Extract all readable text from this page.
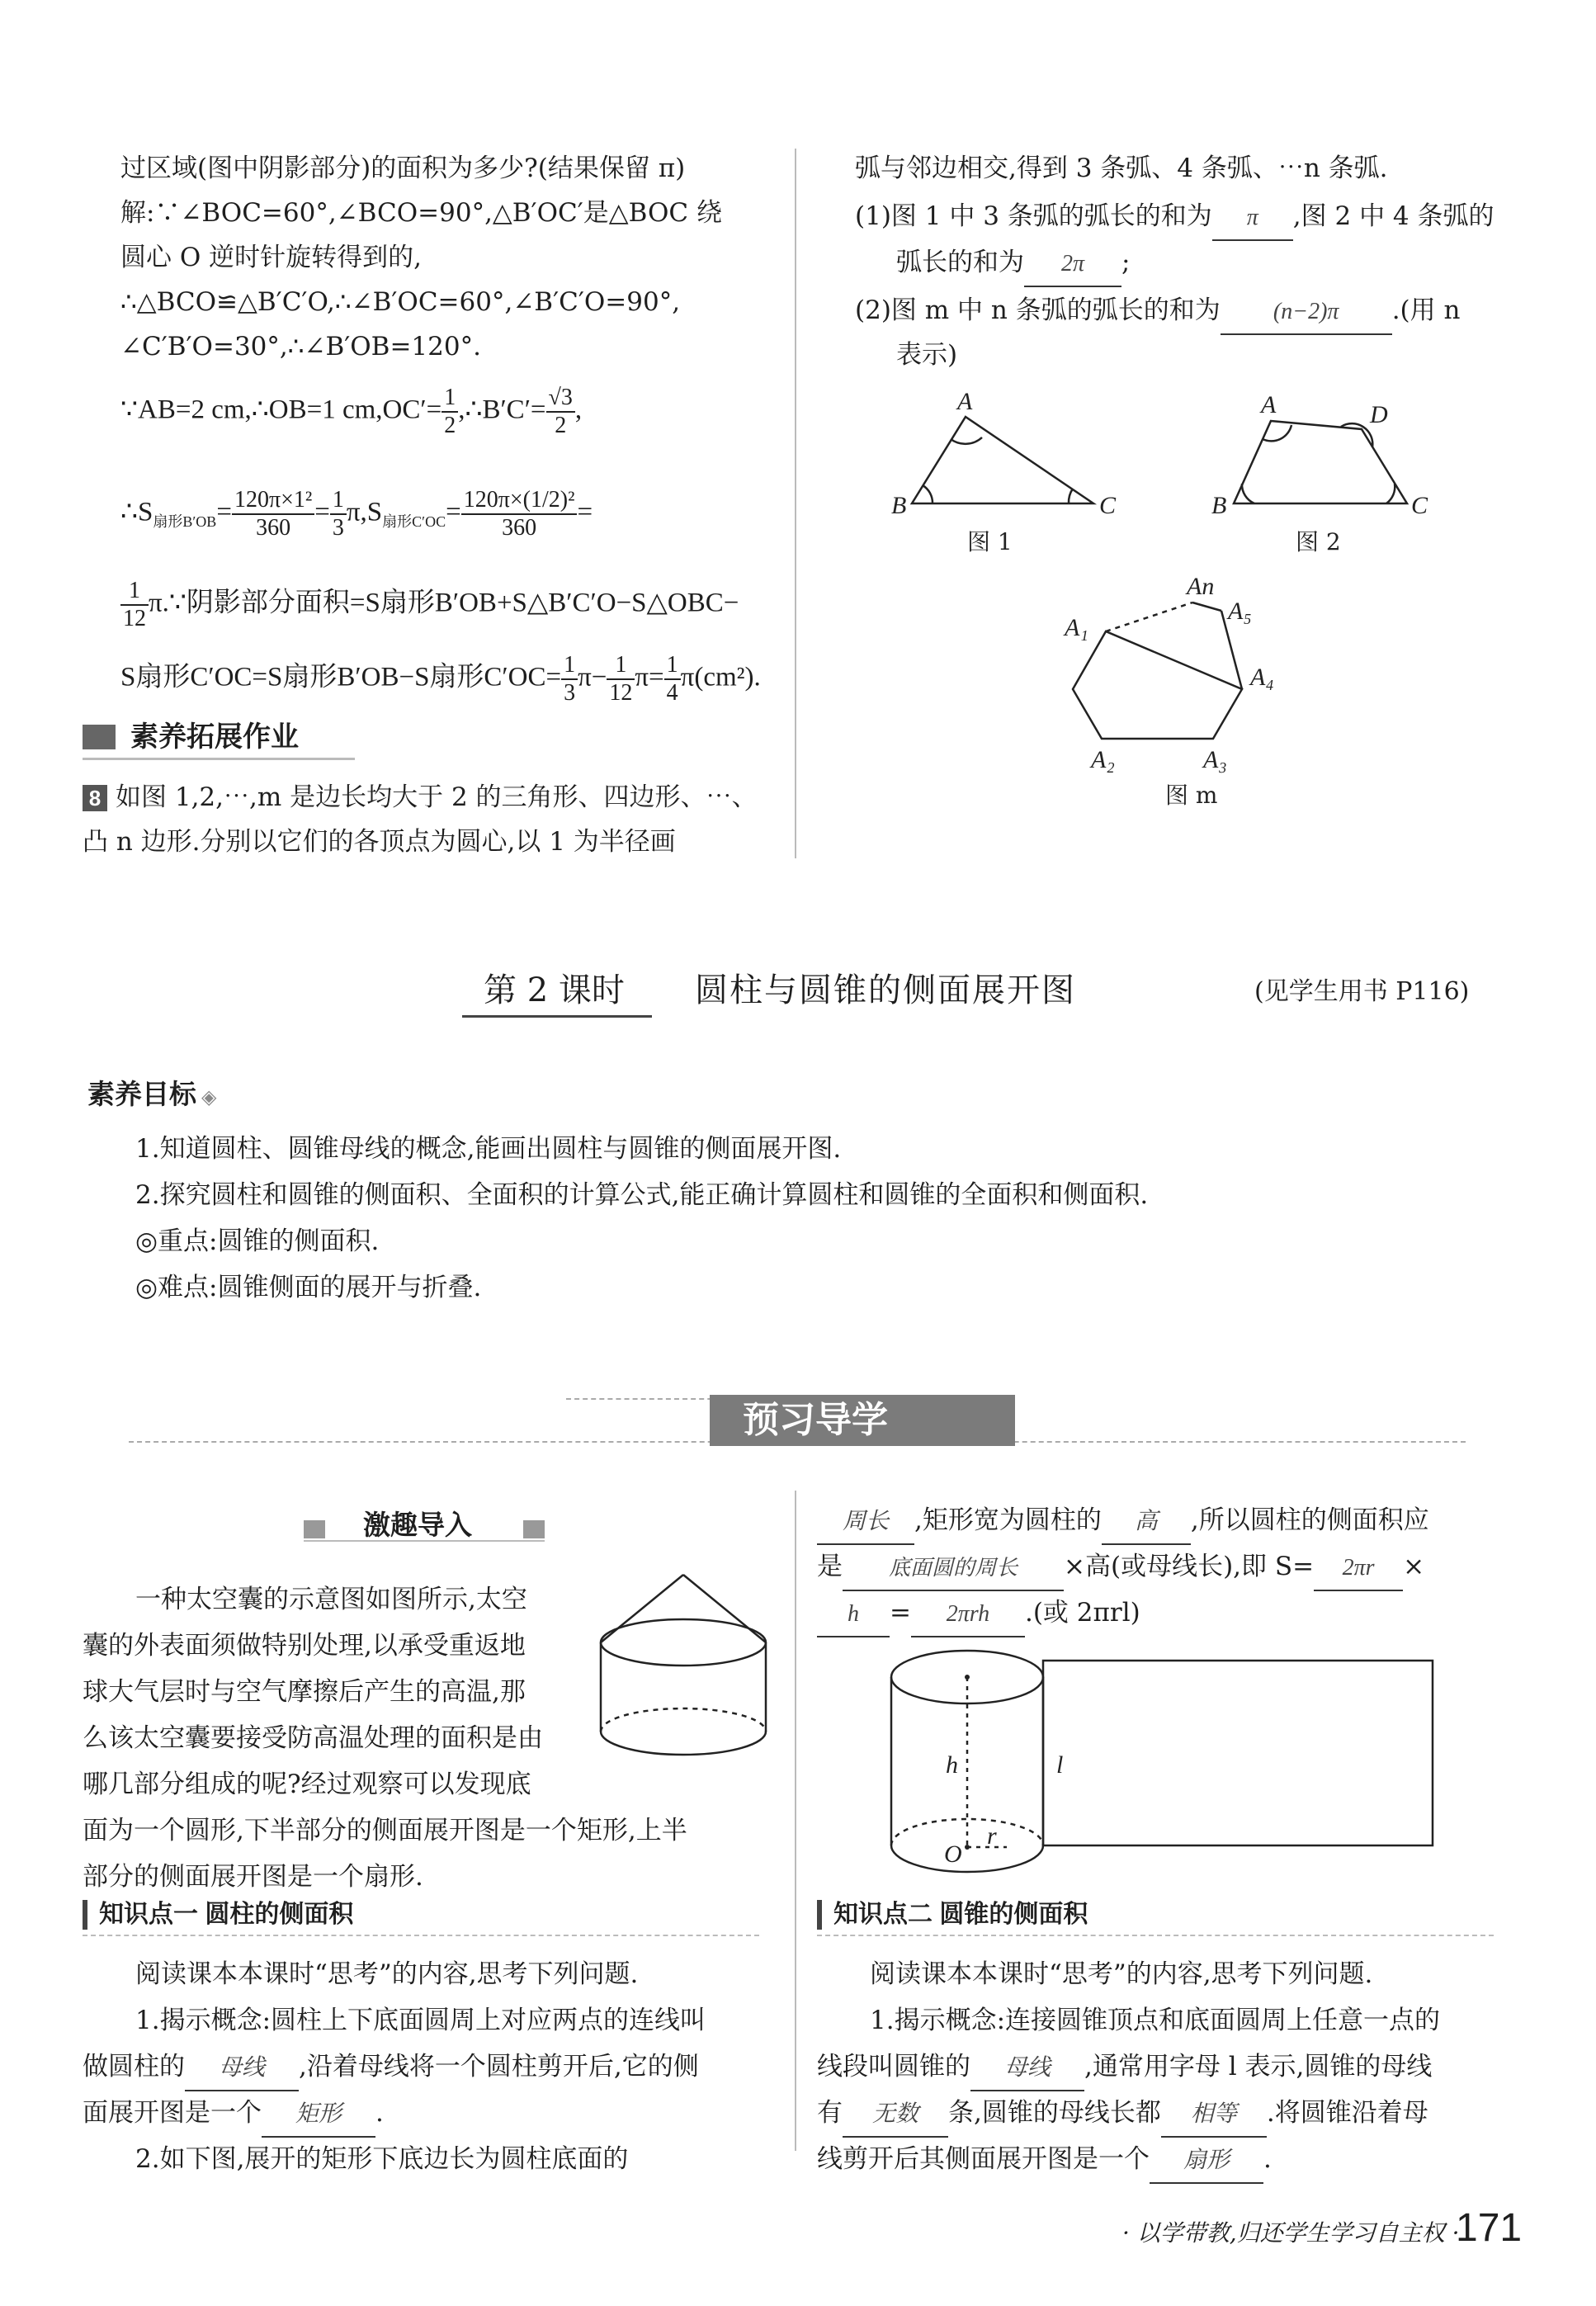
过区域(图中阴影部分)的面积为多少?(结果保留 π)
解:∵∠BOC=60°,∠BCO=90°,△B′OC′是△BOC 绕
圆心 O 逆时针旋转得到的,
∴△BCO≌△B′C′O,∴∠B′OC=60°,∠B′C′O=90°,
∠C′B′O=30°,∴∠B′OB=120°.
∵AB=2 cm,∴OB=1 $cm,OC'= \frac{1}{2}$ ,∴B′C′= $\frac{√3}{2}$ ,
$\therefore S_{扇形B'OB}= \frac{\text{120π×1²}}{360} = \frac{1}{3} \pi,S_{扇形C'OC}= \frac{\text{120π×(1/2)²}}{360}$ =
$\frac{1}{12}$ π.∵阴影部分面积=S扇形B′OB+S△B′C′O−S△OBC−
S扇形C′OC=S扇形B′OB−S扇形$C'OC= \frac{1}{3} \pi- \frac{1}{12} \pi= \frac{1}{4} \pi(cm^2)$.
素养拓展作业
8 如图 1,2,⋯,m 是边长均大于 2 的三角形、四边形、⋯、
凸 n 边形.分别以它们的各顶点为圆心,以 1 为半径画
弧与邻边相交,得到 3 条弧、4 条弧、⋯n 条弧.
(1)图 1 中 3 条弧的弧长的和为 π ,图 2 中 4 条弧的
弧长的和为 2π ;
(2)图 m 中 n 条弧的弧长的和为 (n−2)π .(用 n
表示)
A
B	C
A	D
B	C
An
A₁
A₅
A₄
A₂	A₃
图 1	图 2
图 m
第 2 课时 圆柱与圆锥的侧面展开图	(见学生用书 P116)
素养目标 ◈
1.知道圆柱、圆锥母线的概念,能画出圆柱与圆锥的侧面展开图.
2.探究圆柱和圆锥的侧面积、全面积的计算公式,能正确计算圆柱和圆锥的全面积和侧面积.
◎重点:圆锥的侧面积.
◎难点:圆锥侧面的展开与折叠.
预习导学
激趣导入
一种太空囊的示意图如图所示,太空
囊的外表面须做特别处理,以承受重返地
球大气层时与空气摩擦后产生的高温,那
么该太空囊要接受防高温处理的面积是由
哪几部分组成的呢?经过观察可以发现底
面为一个圆形,下半部分的侧面展开图是一个矩形,上半
部分的侧面展开图是一个扇形.
知识点一 圆柱的侧面积
阅读课本本课时“思考”的内容,思考下列问题.
1.揭示概念:圆柱上下底面圆周上对应两点的连线叫
做圆柱的 母线 ,沿着母线将一个圆柱剪开后,它的侧
面展开图是一个 矩形 .
2.如下图,展开的矩形下底边长为圆柱底面的
周长 ,矩形宽为圆柱的 高 ,所以圆柱的侧面积应
是 底面圆的周长 ×高(或母线长),即 S= 2πr ×
h = 2πrh .(或 2πrl)
h	l
O
r
知识点二 圆锥的侧面积
阅读课本本课时“思考”的内容,思考下列问题.
1.揭示概念:连接圆锥顶点和底面圆周上任意一点的
线段叫圆锥的 母线 ,通常用字母 l 表示,圆锥的母线
有 无数 条,圆锥的母线长都 相等 .将圆锥沿着母
线剪开后其侧面展开图是一个 扇形 .
· 以学带教,归还学生学习自主权 ·
171
